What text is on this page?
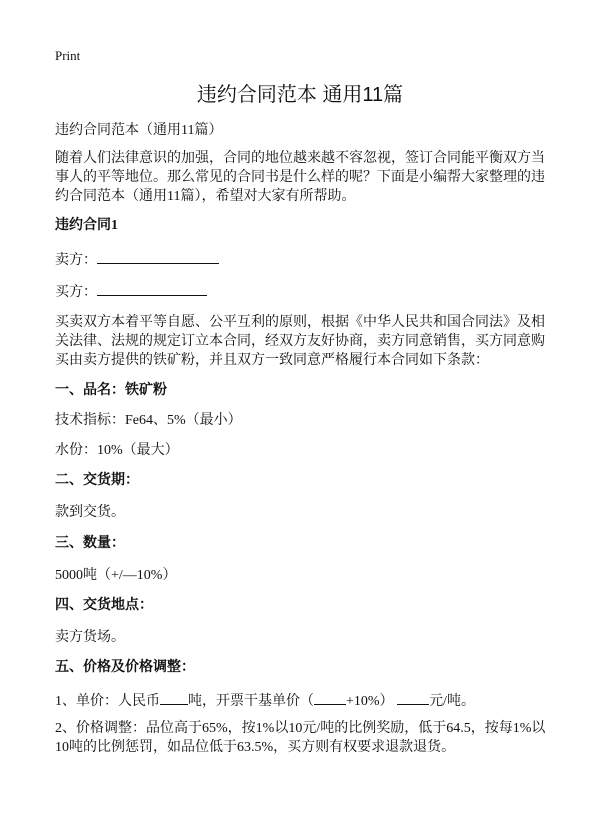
Print
违约合同范本 通用11篇
违约合同范本（通用11篇）
随着人们法律意识的加强，合同的地位越来越不容忽视，签订合同能平衡双方当事人的平等地位。那么常见的合同书是什么样的呢？下面是小编帮大家整理的违约合同范本（通用11篇），希望对大家有所帮助。
违约合同1
卖方：
买方：
买卖双方本着平等自愿、公平互利的原则，根据《中华人民共和国合同法》及相关法律、法规的规定订立本合同，经双方友好协商，卖方同意销售，买方同意购买由卖方提供的铁矿粉，并且双方一致同意严格履行本合同如下条款：
一、品名：铁矿粉
技术指标：Fe64、5%（最小）
水份：10%（最大）
二、交货期：
款到交货。
三、数量：
5000吨（+/—10%）
四、交货地点：
卖方货场。
五、价格及价格调整：
1、单价：人民币 吨，开票干基单价（ +10%）	元/吨。
2、价格调整：品位高于65%，按1%以10元/吨的比例奖励，低于64.5，按每1%以10吨的比例惩罚，如品位低于63.5%，买方则有权要求退款退货。
